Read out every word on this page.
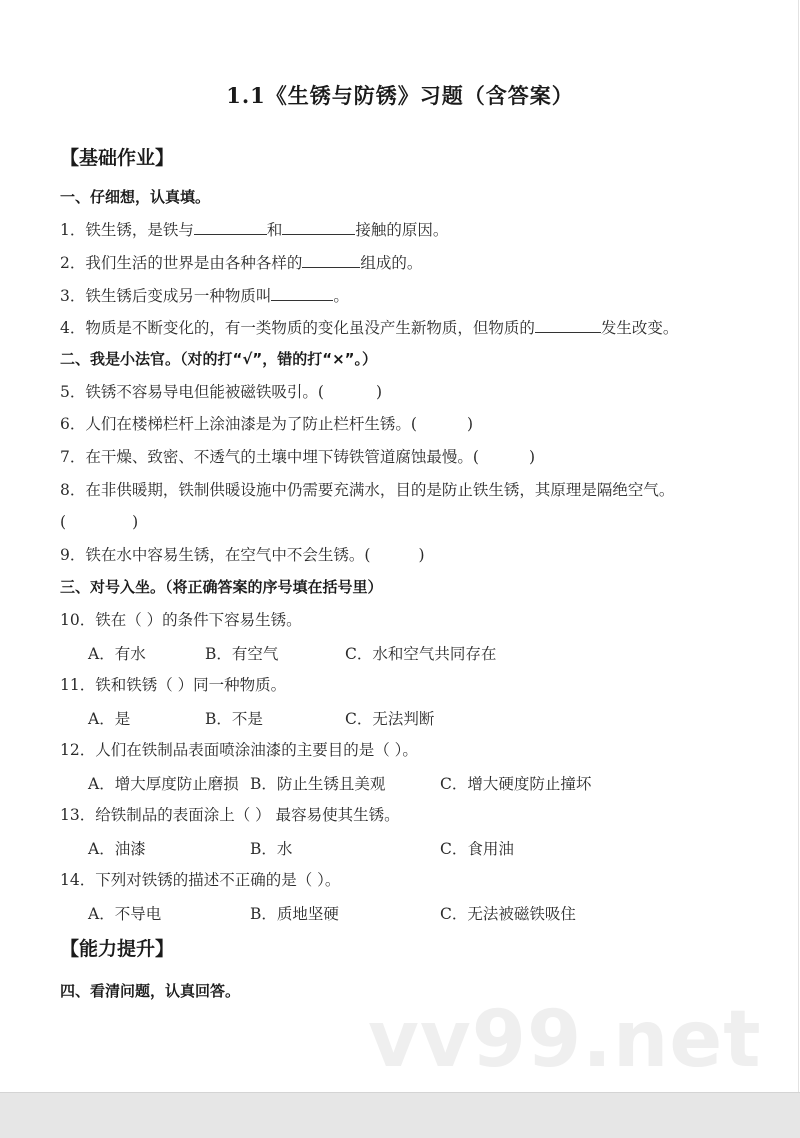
1.1《生锈与防锈》习题（含答案）
【基础作业】
一、仔细想，认真填。
1．铁生锈，是铁与	和	接触的原因。
2．我们生活的世界是由各种各样的	组成的。
3．铁生锈后变成另一种物质叫	。
4．物质是不断变化的，有一类物质的变化虽没产生新物质，但物质的	发生改变。
二、我是小法官。（对的打“√”，错的打“×”。）
5．铁锈不容易导电但能被磁铁吸引。(	)
6．人们在楼梯栏杆上涂油漆是为了防止栏杆生锈。(	)
7．在干燥、致密、不透气的土壤中埋下铸铁管道腐蚀最慢。(	)
8．在非供暖期，铁制供暖设施中仍需要充满水，目的是防止铁生锈，其原理是隔绝空气。
(	)
9．铁在水中容易生锈，在空气中不会生锈。(	)
三、对号入坐。（将正确答案的序号填在括号里）
10．铁在（ ）的条件下容易生锈。
A．有水	B．有空气	C．水和空气共同存在
11．铁和铁锈（ ）同一种物质。
A．是	B．不是	C．无法判断
12．人们在铁制品表面喷涂油漆的主要目的是（ ）。
A．增大厚度防止磨损 B．防止生锈且美观	C．增大硬度防止撞坏
13．给铁制品的表面涂上（ ） 最容易使其生锈。
A．油漆	B．水	C．食用油
14．下列对铁锈的描述不正确的是（ ）。
A．不导电	B．质地坚硬	C．无法被磁铁吸住
【能力提升】
四、看清问题，认真回答。
vv99.net
